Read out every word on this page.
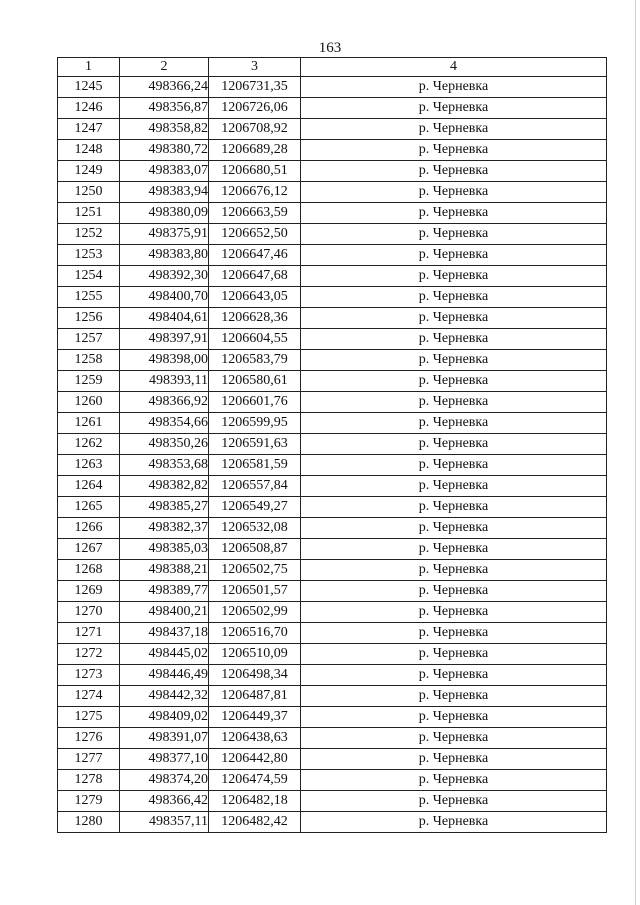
163
1	2	3	4
1245	498366,24	1206731,35	р. Черневка
1246	498356,87	1206726,06	р. Черневка
1247	498358,82	1206708,92	р. Черневка
1248	498380,72	1206689,28	р. Черневка
1249	498383,07	1206680,51	р. Черневка
1250	498383,94	1206676,12	р. Черневка
1251	498380,09	1206663,59	р. Черневка
1252	498375,91	1206652,50	р. Черневка
1253	498383,80	1206647,46	р. Черневка
1254	498392,30	1206647,68	р. Черневка
1255	498400,70	1206643,05	р. Черневка
1256	498404,61	1206628,36	р. Черневка
1257	498397,91	1206604,55	р. Черневка
1258	498398,00	1206583,79	р. Черневка
1259	498393,11	1206580,61	р. Черневка
1260	498366,92	1206601,76	р. Черневка
1261	498354,66	1206599,95	р. Черневка
1262	498350,26	1206591,63	р. Черневка
1263	498353,68	1206581,59	р. Черневка
1264	498382,82	1206557,84	р. Черневка
1265	498385,27	1206549,27	р. Черневка
1266	498382,37	1206532,08	р. Черневка
1267	498385,03	1206508,87	р. Черневка
1268	498388,21	1206502,75	р. Черневка
1269	498389,77	1206501,57	р. Черневка
1270	498400,21	1206502,99	р. Черневка
1271	498437,18	1206516,70	р. Черневка
1272	498445,02	1206510,09	р. Черневка
1273	498446,49	1206498,34	р. Черневка
1274	498442,32	1206487,81	р. Черневка
1275	498409,02	1206449,37	р. Черневка
1276	498391,07	1206438,63	р. Черневка
1277	498377,10	1206442,80	р. Черневка
1278	498374,20	1206474,59	р. Черневка
1279	498366,42	1206482,18	р. Черневка
1280	498357,11	1206482,42	р. Черневка
